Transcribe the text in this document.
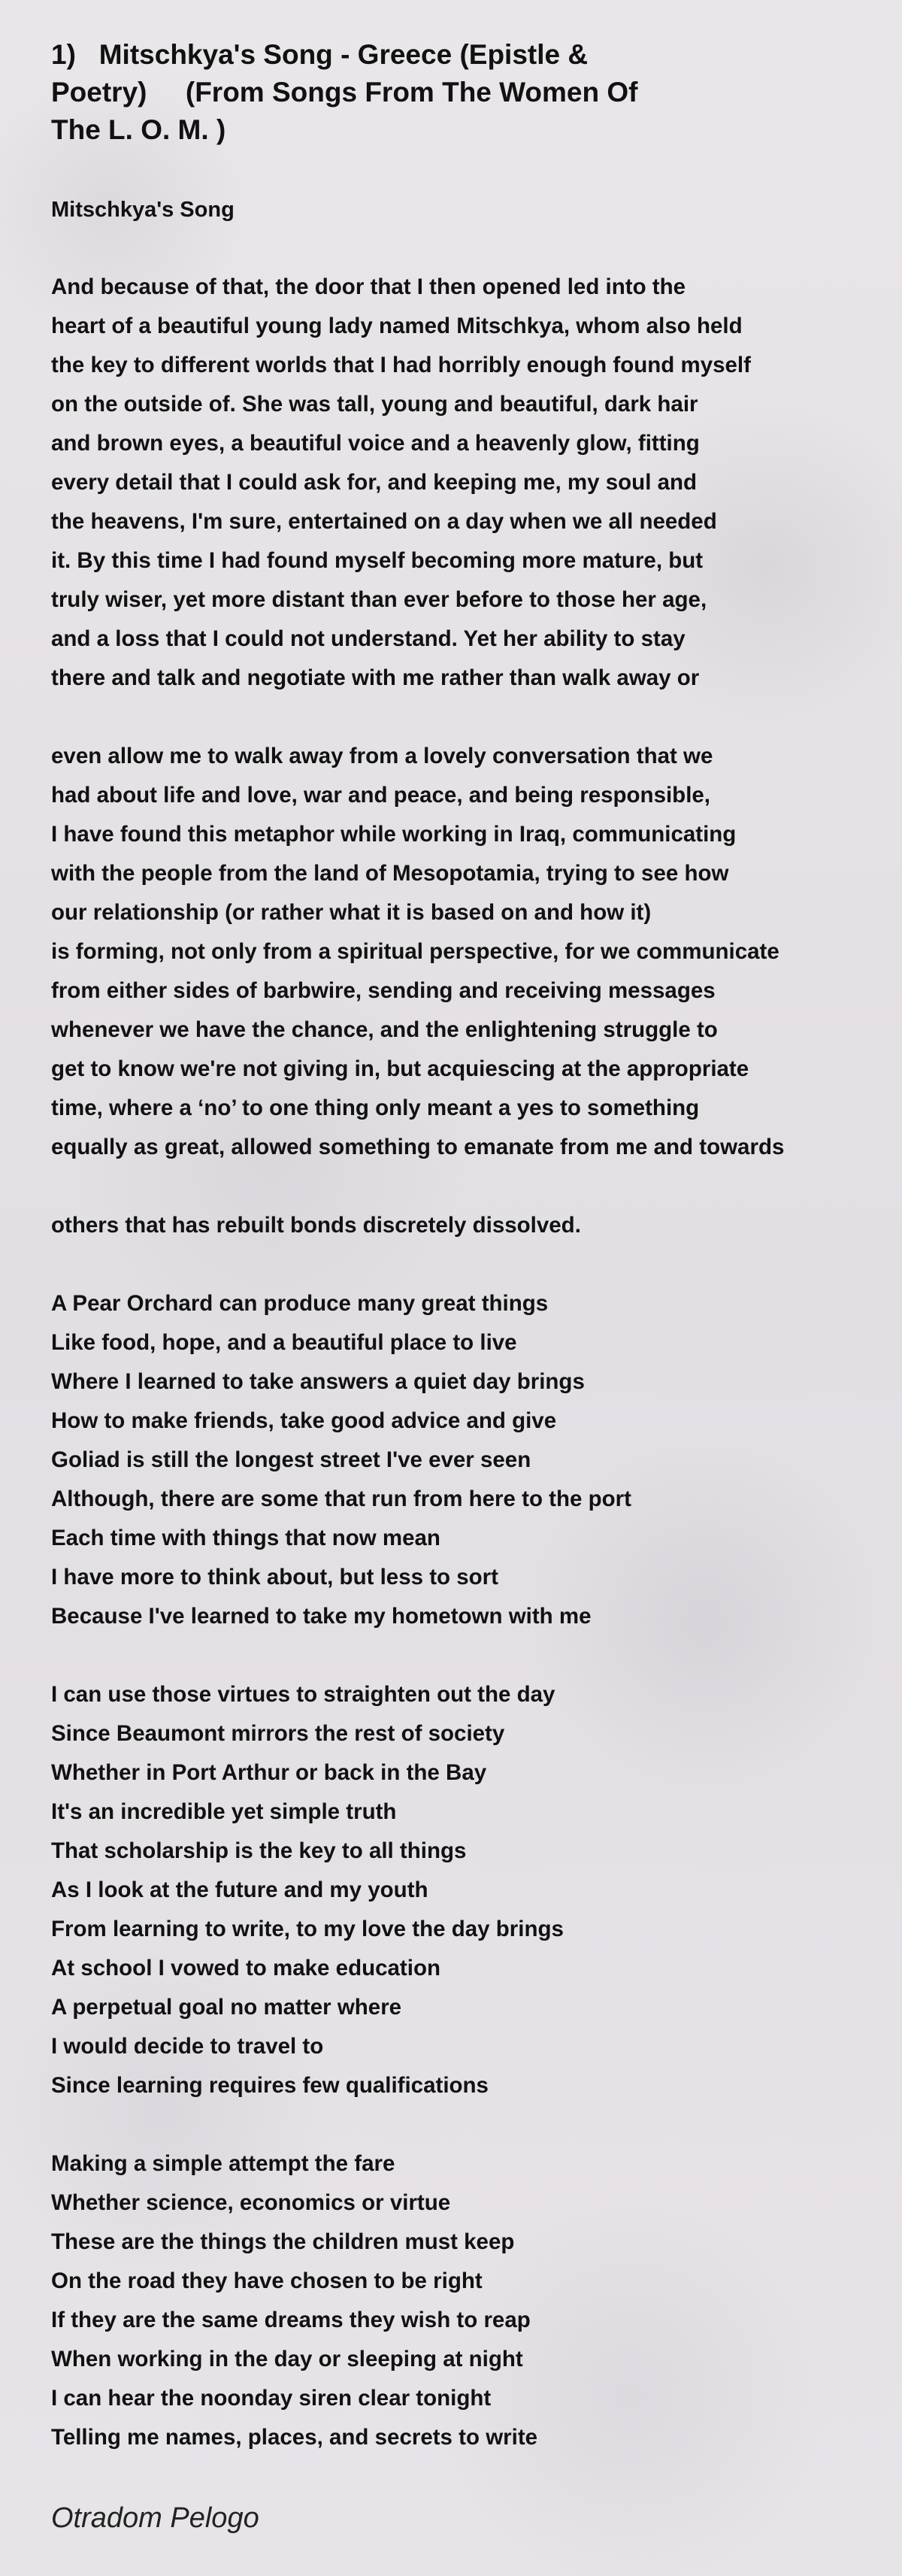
1)   Mitschkya's Song - Greece (Epistle &
Poetry)     (From Songs From The Women Of
The L. O. M. )
Mitschkya's Song
And because of that, the door that I then opened led into the
heart of a beautiful young lady named Mitschkya, whom also held
the key to different worlds that I had horribly enough found myself
on the outside of. She was tall, young and beautiful, dark hair
and brown eyes, a beautiful voice and a heavenly glow, fitting
every detail that I could ask for, and keeping me, my soul and
the heavens, I'm sure, entertained on a day when we all needed
it. By this time I had found myself becoming more mature, but
truly wiser, yet more distant than ever before to those her age,
and a loss that I could not understand. Yet her ability to stay
there and talk and negotiate with me rather than walk away or
even allow me to walk away from a lovely conversation that we
had about life and love, war and peace, and being responsible,
I have found this metaphor while working in Iraq, communicating
with the people from the land of Mesopotamia, trying to see how
our relationship (or rather what it is based on and how it)
is forming, not only from a spiritual perspective, for we communicate
from either sides of barbwire, sending and receiving messages
whenever we have the chance, and the enlightening struggle to
get to know we're not giving in, but acquiescing at the appropriate
time, where a ‘no’ to one thing only meant a yes to something
equally as great, allowed something to emanate from me and towards
others that has rebuilt bonds discretely dissolved.
A Pear Orchard can produce many great things
Like food, hope, and a beautiful place to live
Where I learned to take answers a quiet day brings
How to make friends, take good advice and give
Goliad is still the longest street I've ever seen
Although, there are some that run from here to the port
Each time with things that now mean
I have more to think about, but less to sort
Because I've learned to take my hometown with me
I can use those virtues to straighten out the day
Since Beaumont mirrors the rest of society
Whether in Port Arthur or back in the Bay
It's an incredible yet simple truth
That scholarship is the key to all things
As I look at the future and my youth
From learning to write, to my love the day brings
At school I vowed to make education
A perpetual goal no matter where
I would decide to travel to
Since learning requires few qualifications
Making a simple attempt the fare
Whether science, economics or virtue
These are the things the children must keep
On the road they have chosen to be right
If they are the same dreams they wish to reap
When working in the day or sleeping at night
I can hear the noonday siren clear tonight
Telling me names, places, and secrets to write

Otradom Pelogo
